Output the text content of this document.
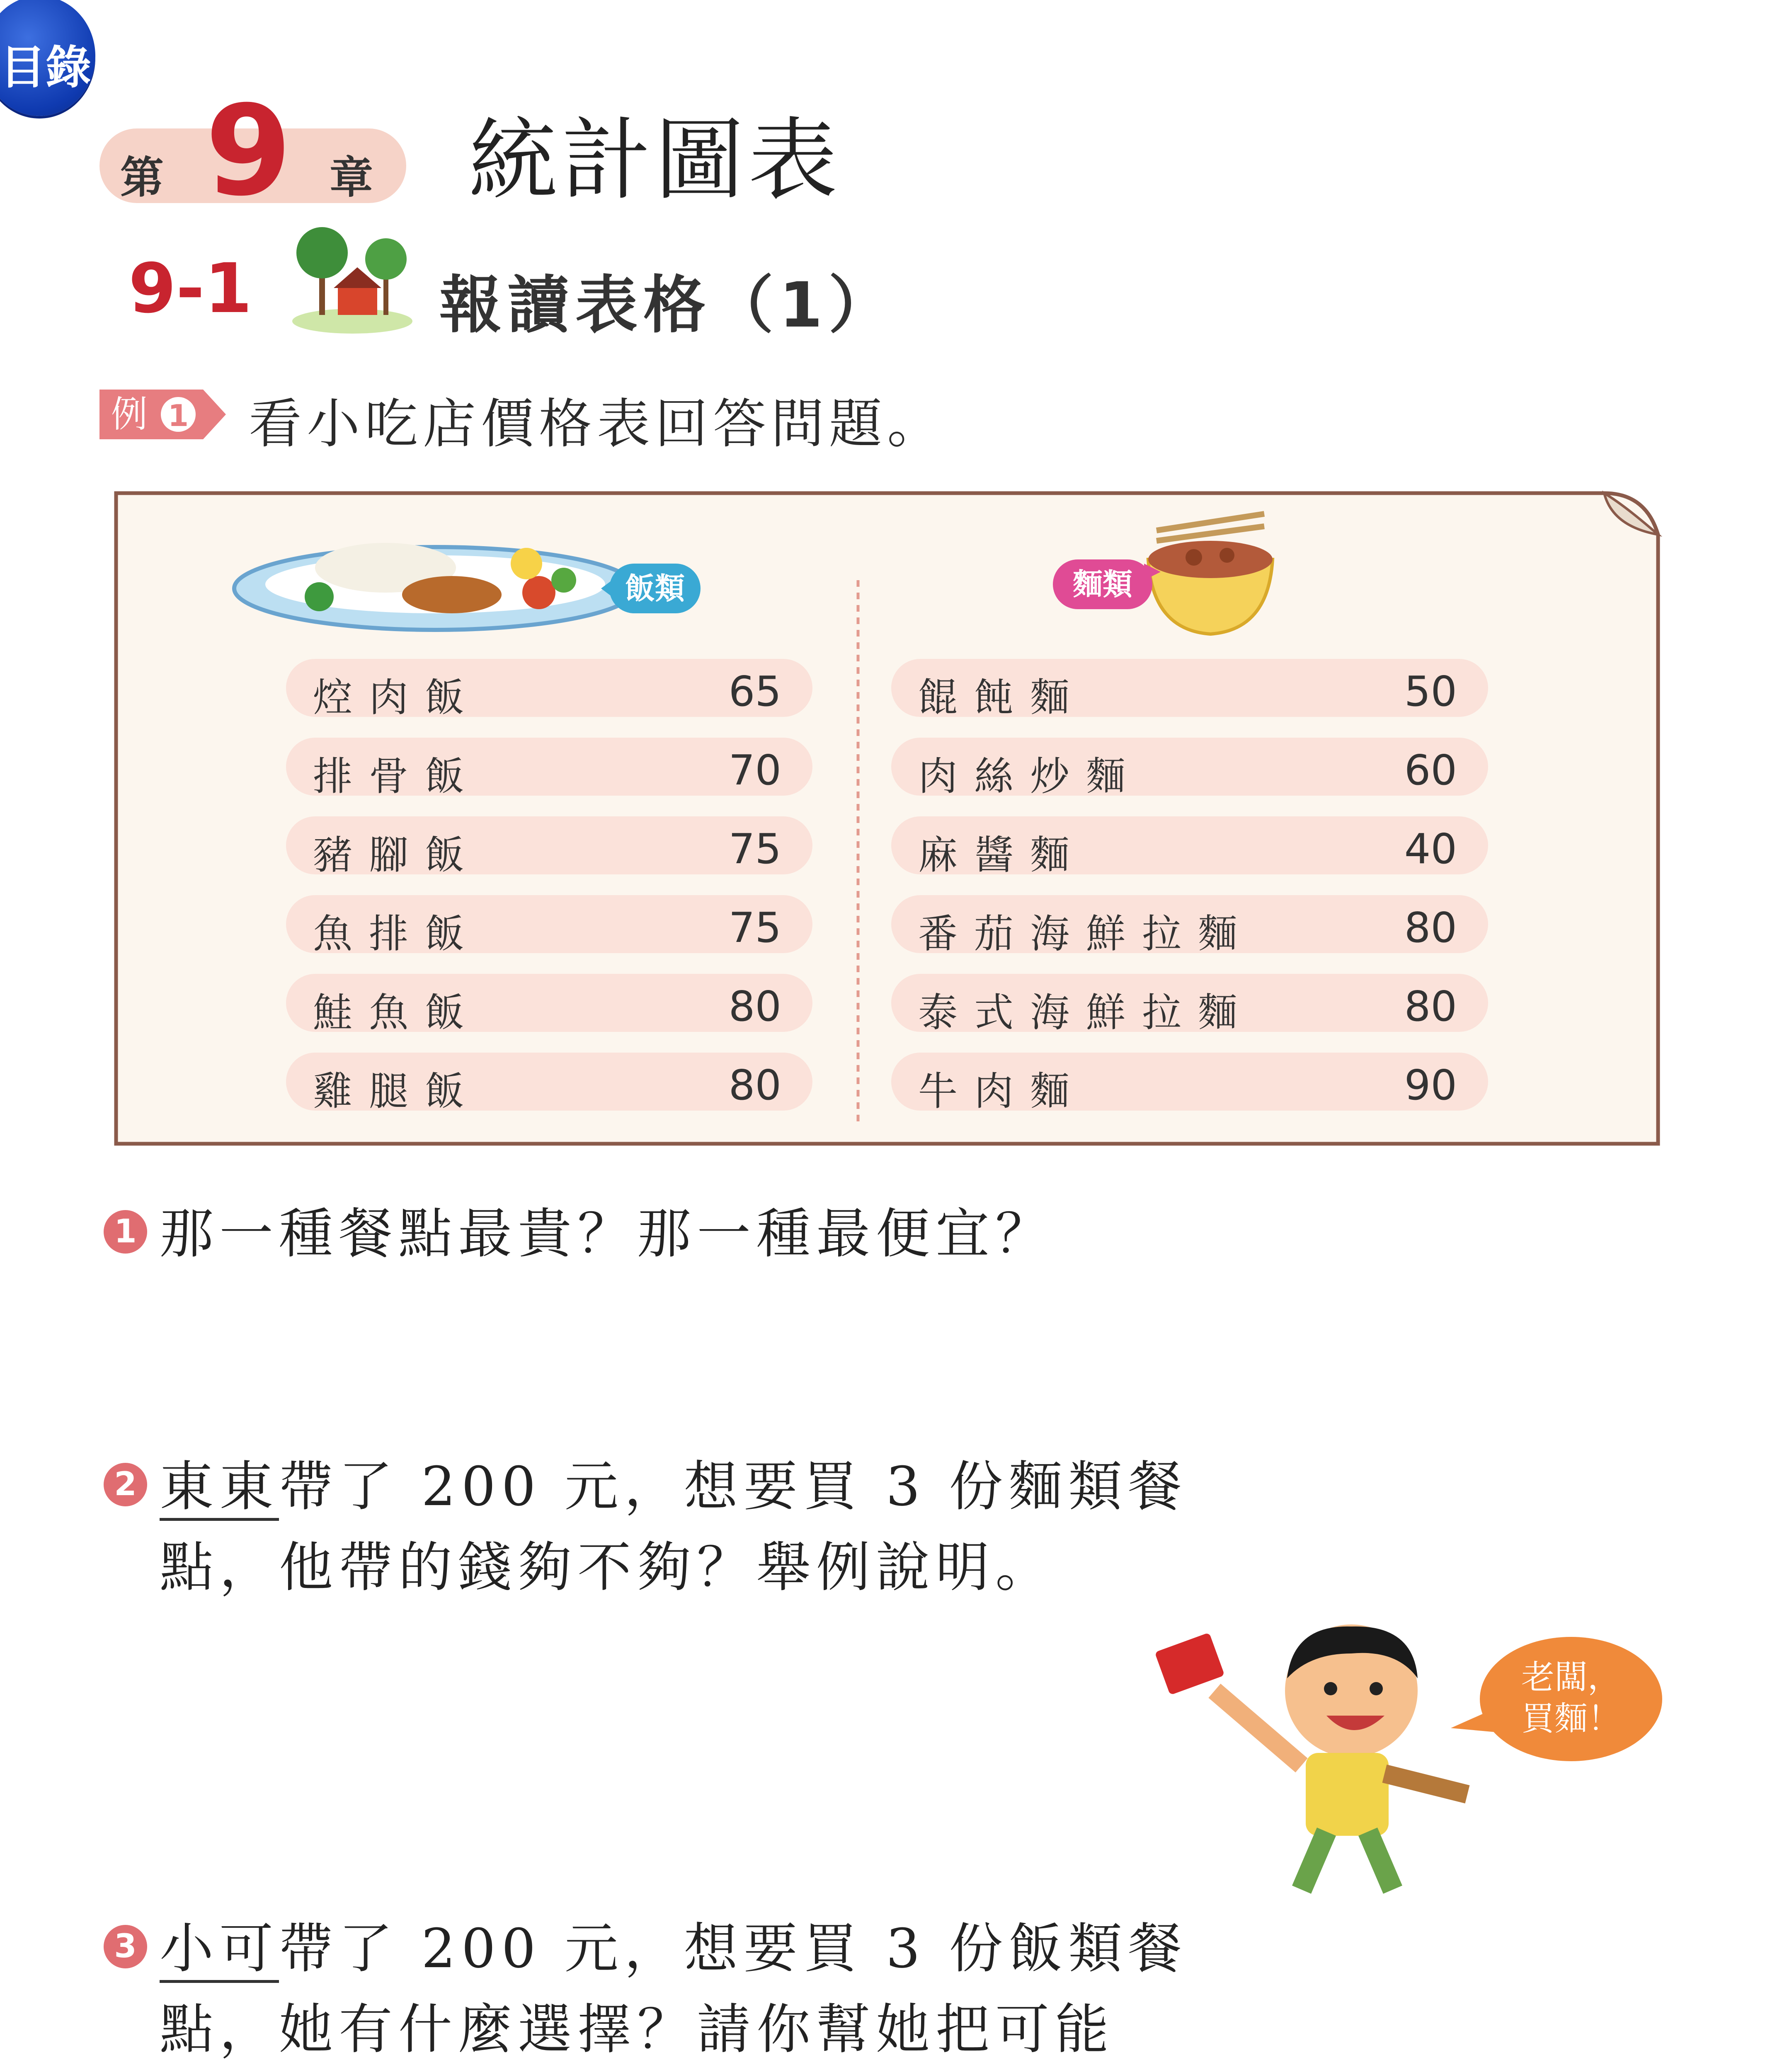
目錄
第 9 章 統計圖表
9-1	報讀表格（1）
例 1 看小吃店價格表回答問題。
飯類	麵類
焢肉飯	65
排骨飯	70
豬腳飯	75
魚排飯	75
鮭魚飯	80
雞腿飯	80
餛飩麵	50
肉絲炒麵	60
麻醬麵	40
番茄海鮮拉麵	80
泰式海鮮拉麵	80
牛肉麵	90
1 那一種餐點最貴？那一種最便宜？
2 東東帶了 200 元，想要買 3 份麵類餐
點，他帶的錢夠不夠？舉例說明。
老闆，
買麵！
3 小可帶了 200 元，想要買 3 份飯類餐
點，她有什麼選擇？請你幫她把可能
